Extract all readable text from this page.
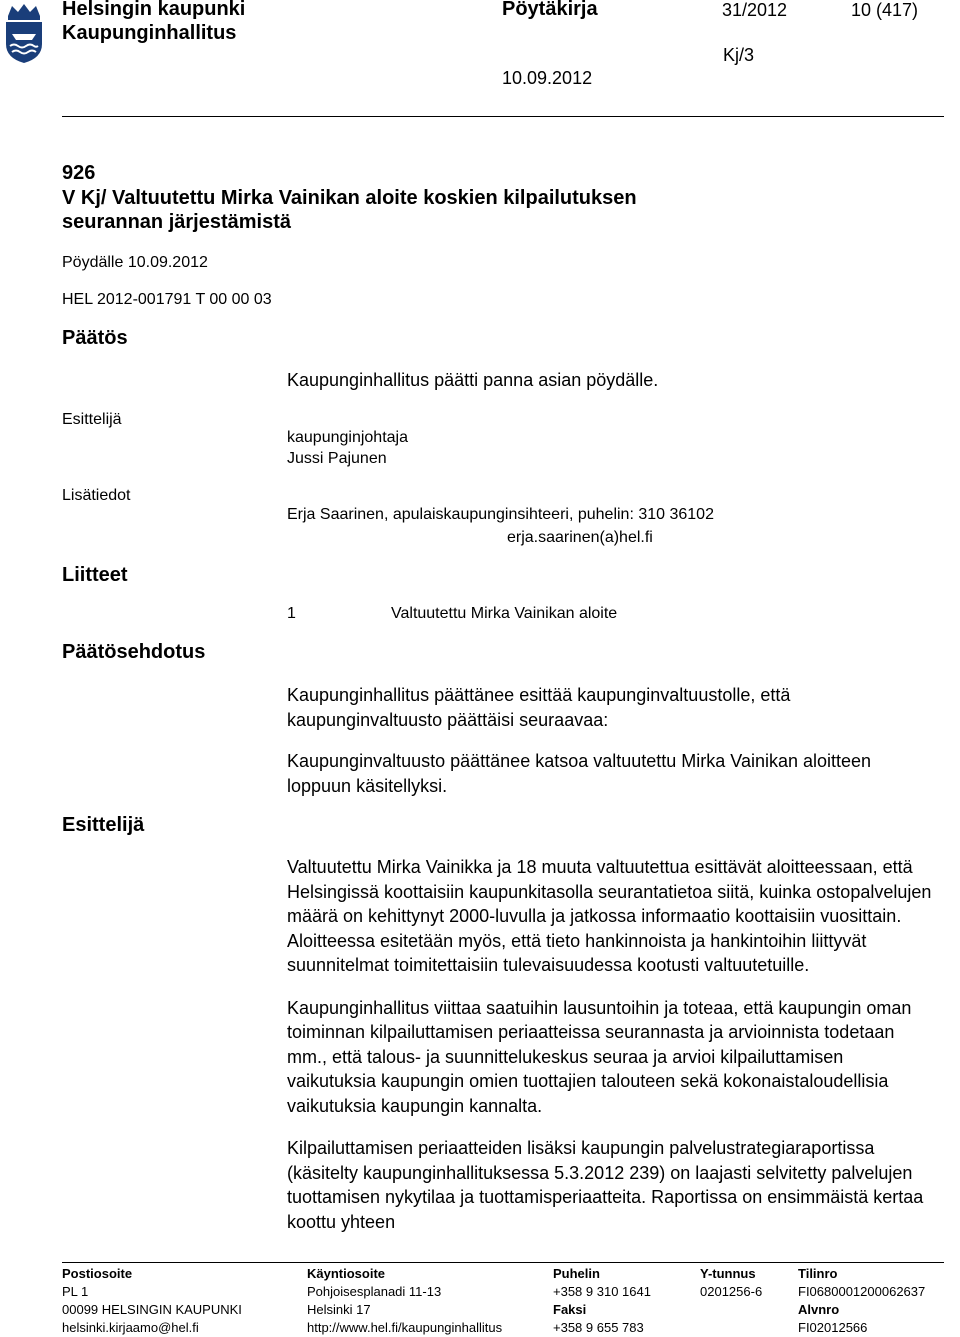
Helsingin kaupunki
Kaupunginhallitus
Pöytäkirja	31/2012	10 (417)
Kj/3
10.09.2012
926
V Kj/ Valtuutettu Mirka Vainikan aloite koskien kilpailutuksen
seurannan järjestämistä
Pöydälle 10.09.2012
HEL 2012-001791 T 00 00 03
Päätös
Kaupunginhallitus päätti panna asian pöydälle.
Esittelijä
kaupunginjohtaja
Jussi Pajunen
Lisätiedot
Erja Saarinen, apulaiskaupunginsihteeri, puhelin: 310 36102
erja.saarinen(a)hel.fi
Liitteet
1	Valtuutettu Mirka Vainikan aloite
Päätösehdotus

Kaupunginhallitus päättänee esittää kaupunginvaltuustolle, että kaupunginvaltuusto päättäisi seuraavaa:

Kaupunginvaltuusto päättänee katsoa valtuutettu Mirka Vainikan aloitteen loppuun käsitellyksi.

Esittelijä

Valtuutettu Mirka Vainikka ja 18 muuta valtuutettua esittävät aloitteessaan, että Helsingissä koottaisiin kaupunkitasolla seurantatietoa siitä, kuinka ostopalvelujen määrä on kehittynyt 2000-luvulla ja jatkossa informaatio koottaisiin vuosittain. Aloitteessa esitetään myös, että tieto hankinnoista ja hankintoihin liittyvät suunnitelmat toimitettaisiin tulevaisuudessa kootusti valtuutetuille.

Kaupunginhallitus viittaa saatuihin lausuntoihin ja toteaa, että kaupungin oman toiminnan kilpailuttamisen periaatteissa seurannasta ja arvioinnista todetaan mm., että talous- ja suunnittelukeskus seuraa ja arvioi kilpailuttamisen vaikutuksia kaupungin omien tuottajien talouteen sekä kokonaistaloudellisia vaikutuksia kaupungin kannalta.

Kilpailuttamisen periaatteiden lisäksi kaupungin palvelustrategiaraportissa (käsitelty kaupunginhallituksessa 5.3.2012 239) on laajasti selvitetty palvelujen tuottamisen nykytilaa ja tuottamisperiaatteita. Raportissa on ensimmäistä kertaa koottu yhteen

Postiosoite
PL 1
00099 HELSINGIN KAUPUNKI
helsinki.kirjaamo@hel.fi
Käyntiosoite
Pohjoisesplanadi 11-13
Helsinki 17
http://www.hel.fi/kaupunginhallitus
Puhelin
+358 9 310 1641
Faksi
+358 9 655 783
Y-tunnus
0201256-6
Tilinro
FI0680001200062637
Alvnro
FI02012566
